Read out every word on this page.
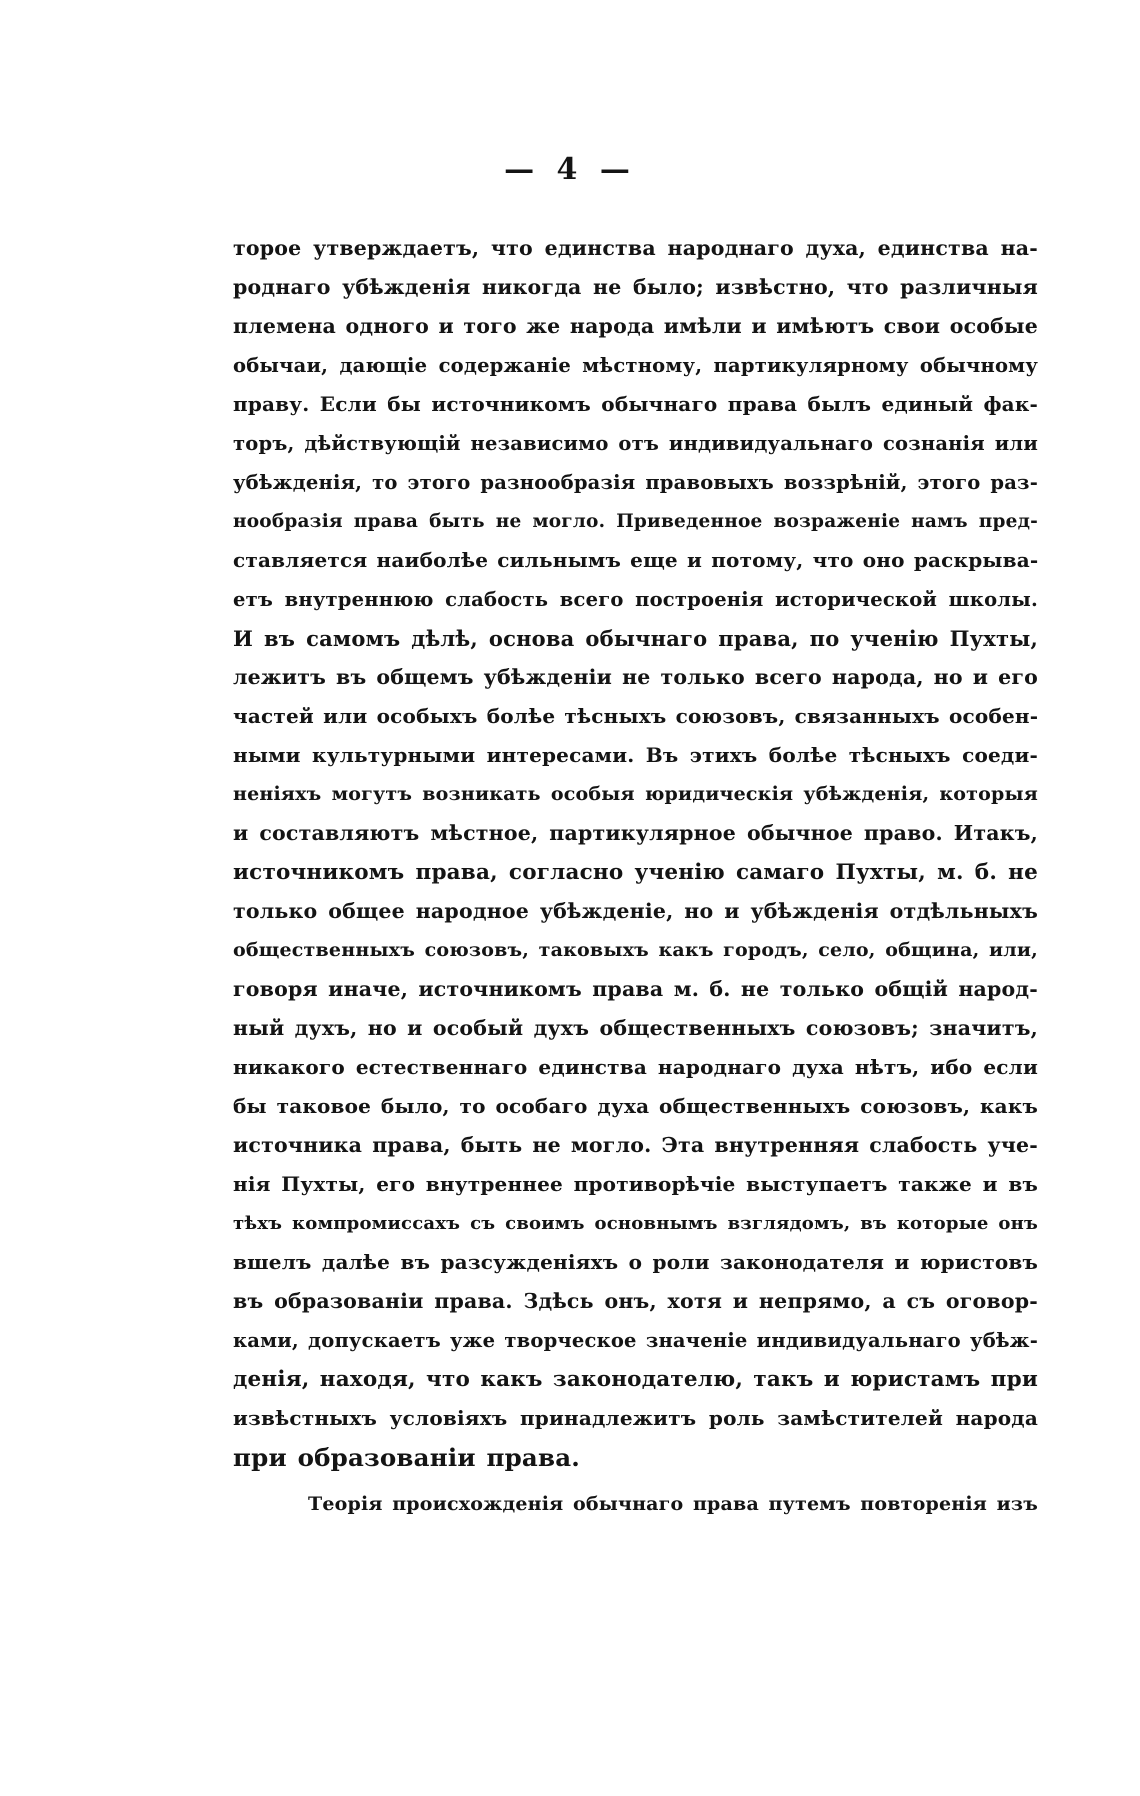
— 4 —
торое утверждаетъ, что единства народнаго духа, единства на-
роднаго убѣжденія никогда не было; извѣстно, что различныя
племена одного и того же народа имѣли и имѣютъ свои особые
обычаи, дающіе содержаніе мѣстному, партикулярному обычному
праву. Если бы источникомъ обычнаго права былъ единый фак-
торъ, дѣйствующій независимо отъ индивидуальнаго сознанія или
убѣжденія, то этого разнообразія правовыхъ воззрѣній, этого раз-
нообразія права быть не могло. Приведенное возраженіе намъ пред-
ставляется наиболѣе сильнымъ еще и потому, что оно раскрыва-
етъ внутреннюю слабость всего построенія исторической школы.
И въ самомъ дѣлѣ, основа обычнаго права, по ученію Пухты,
лежитъ въ общемъ убѣжденіи не только всего народа, но и его
частей или особыхъ болѣе тѣсныхъ союзовъ, связанныхъ особен-
ными культурными интересами. Въ этихъ болѣе тѣсныхъ соеди-
неніяхъ могутъ возникать особыя юридическія убѣжденія, которыя
и составляютъ мѣстное, партикулярное обычное право. Итакъ,
источникомъ права, согласно ученію самаго Пухты, м. б. не
только общее народное убѣжденіе, но и убѣжденія отдѣльныхъ
общественныхъ союзовъ, таковыхъ какъ городъ, село, община, или,
говоря иначе, источникомъ права м. б. не только общій народ-
ный духъ, но и особый духъ общественныхъ союзовъ; значитъ,
никакого естественнаго единства народнаго духа нѣтъ, ибо если
бы таковое было, то особаго духа общественныхъ союзовъ, какъ
источника права, быть не могло. Эта внутренняя слабость уче-
нія Пухты, его внутреннее противорѣчіе выступаетъ также и въ
тѣхъ компромиссахъ съ своимъ основнымъ взглядомъ, въ которые онъ
вшелъ далѣе въ разсужденіяхъ о роли законодателя и юристовъ
въ образованіи права. Здѣсь онъ, хотя и непрямо, а съ оговор-
ками, допускаетъ уже творческое значеніе индивидуальнаго убѣж-
денія, находя, что какъ законодателю, такъ и юристамъ при
извѣстныхъ условіяхъ принадлежитъ роль замѣстителей народа
при образованіи права.
Теорія происхожденія обычнаго права путемъ повторенія изъ
